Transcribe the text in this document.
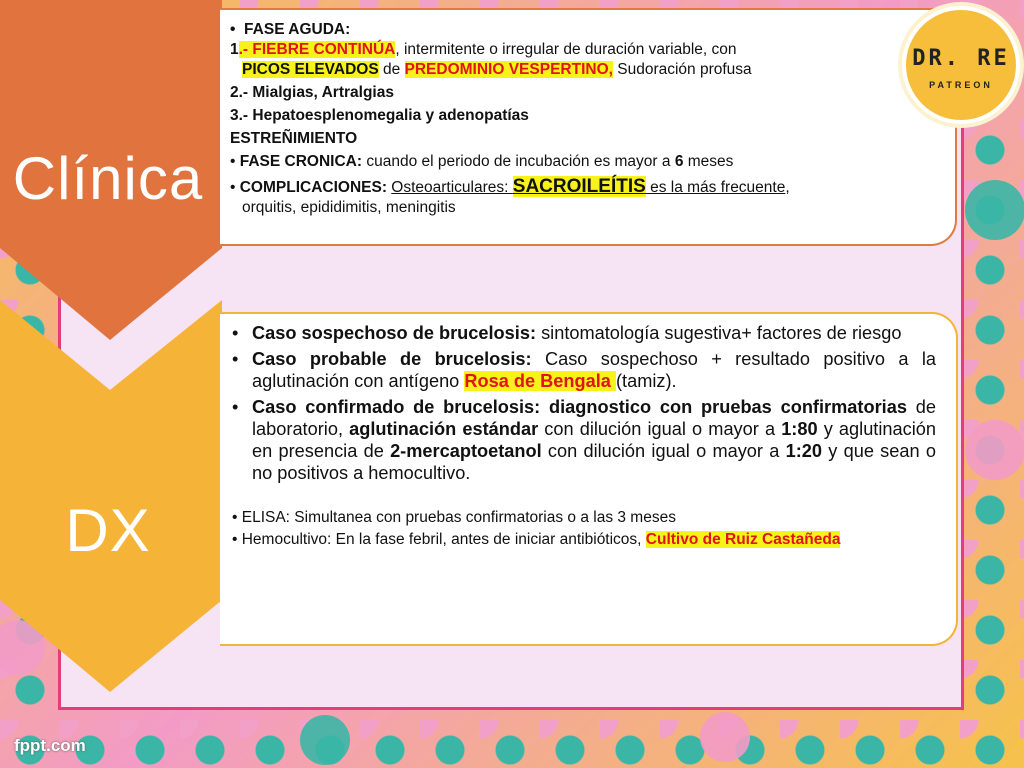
Clínica
DX
•  FASE AGUDA:
1.- FIEBRE CONTINÚA, intermitente o irregular de duración variable, con
PICOS ELEVADOS de PREDOMINIO VESPERTINO, Sudoración profusa
2.- Mialgias, Artralgias
3.- Hepatoesplenomegalia y adenopatías
ESTREÑIMIENTO
• FASE CRONICA: cuando el periodo de incubación es mayor a 6 meses
• COMPLICACIONES: Osteoarticulares: SACROILEÍTIS es la más frecuente,
orquitis, epididimitis, meningitis
• Caso sospechoso de brucelosis: sintomatología sugestiva+ factores de riesgo
• Caso probable de brucelosis: Caso sospechoso + resultado positivo a la aglutinación con antígeno Rosa de Bengala (tamiz).
• Caso confirmado de brucelosis: diagnostico con pruebas confirmatorias de laboratorio, aglutinación estándar con dilución igual o mayor a 1:80 y aglutinación en presencia de 2-mercaptoetanol con dilución igual o mayor a 1:20 y que sean o no positivos a hemocultivo.
• ELISA: Simultanea con pruebas confirmatorias o a las 3 meses
• Hemocultivo: En la fase febril, antes de iniciar antibióticos, Cultivo de Ruiz Castañeda
DR. RE
PATREON
fppt.com
